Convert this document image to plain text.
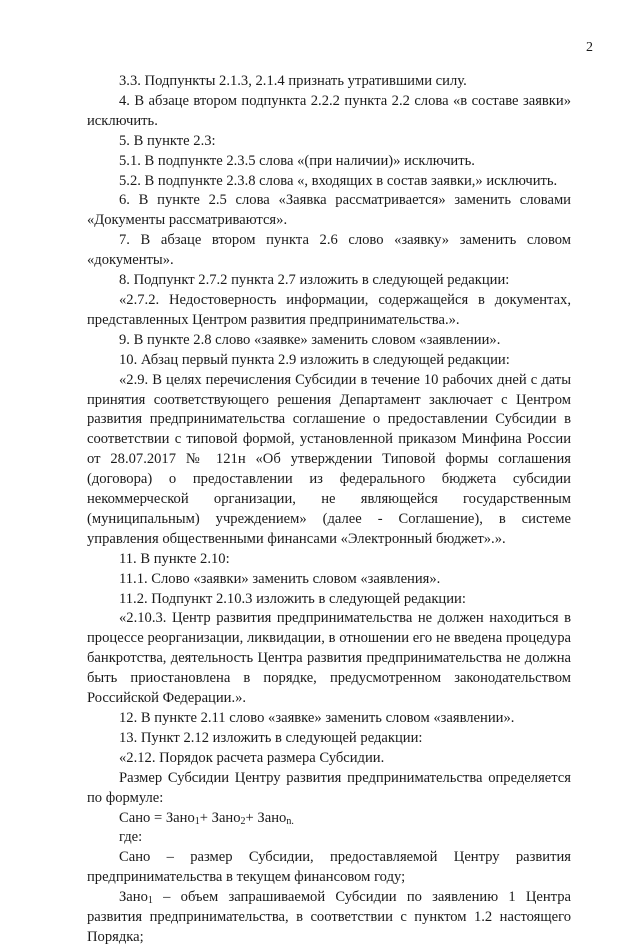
2

3.3. Подпункты 2.1.3, 2.1.4 признать утратившими силу.

4. В абзаце втором подпункта 2.2.2 пункта 2.2 слова «в составе заявки» исключить.

5. В пункте 2.3:

5.1. В подпункте 2.3.5 слова «(при наличии)» исключить.

5.2. В подпункте 2.3.8 слова «, входящих в состав заявки,» исключить.

6. В пункте 2.5 слова «Заявка рассматривается» заменить словами «Документы рассматриваются».

7. В абзаце втором пункта 2.6 слово «заявку» заменить словом «документы».

8. Подпункт 2.7.2 пункта 2.7 изложить в следующей редакции:

«2.7.2. Недостоверность информации, содержащейся в документах, представленных Центром развития предпринимательства.».

9. В пункте 2.8 слово «заявке» заменить словом «заявлении».

10. Абзац первый пункта 2.9 изложить в следующей редакции:

«2.9. В целях перечисления Субсидии в течение 10 рабочих дней с даты принятия соответствующего решения Департамент заключает с Центром развития предпринимательства соглашение о предоставлении Субсидии в соответствии с типовой формой, установленной приказом Минфина России от 28.07.2017 № 121н «Об утверждении Типовой формы соглашения (договора) о предоставлении из федерального бюджета субсидии некоммерческой организации, не являющейся государственным (муниципальным) учреждением» (далее - Соглашение), в системе управления общественными финансами «Электронный бюджет».».

11. В пункте 2.10:

11.1. Слово «заявки» заменить словом «заявления».

11.2. Подпункт 2.10.3 изложить в следующей редакции:

«2.10.3. Центр развития предпринимательства не должен находиться в процессе реорганизации, ликвидации, в отношении его не введена процедура банкротства, деятельность Центра развития предпринимательства не должна быть приостановлена в порядке, предусмотренном законодательством Российской Федерации.».

12. В пункте 2.11 слово «заявке» заменить словом «заявлении».

13. Пункт 2.12 изложить в следующей редакции:

«2.12. Порядок расчета размера Субсидии.

Размер Субсидии Центру развития предпринимательства определяется по формуле:

Сано = Зано$_1$+ Зано$_2$+ Зано$_{n.}$

где:

Сано – размер Субсидии, предоставляемой Центру развития предпринимательства в текущем финансовом году;

Зано$_1$ – объем запрашиваемой Субсидии по заявлению 1 Центра развития предпринимательства, в соответствии с пунктом 1.2 настоящего Порядка;
